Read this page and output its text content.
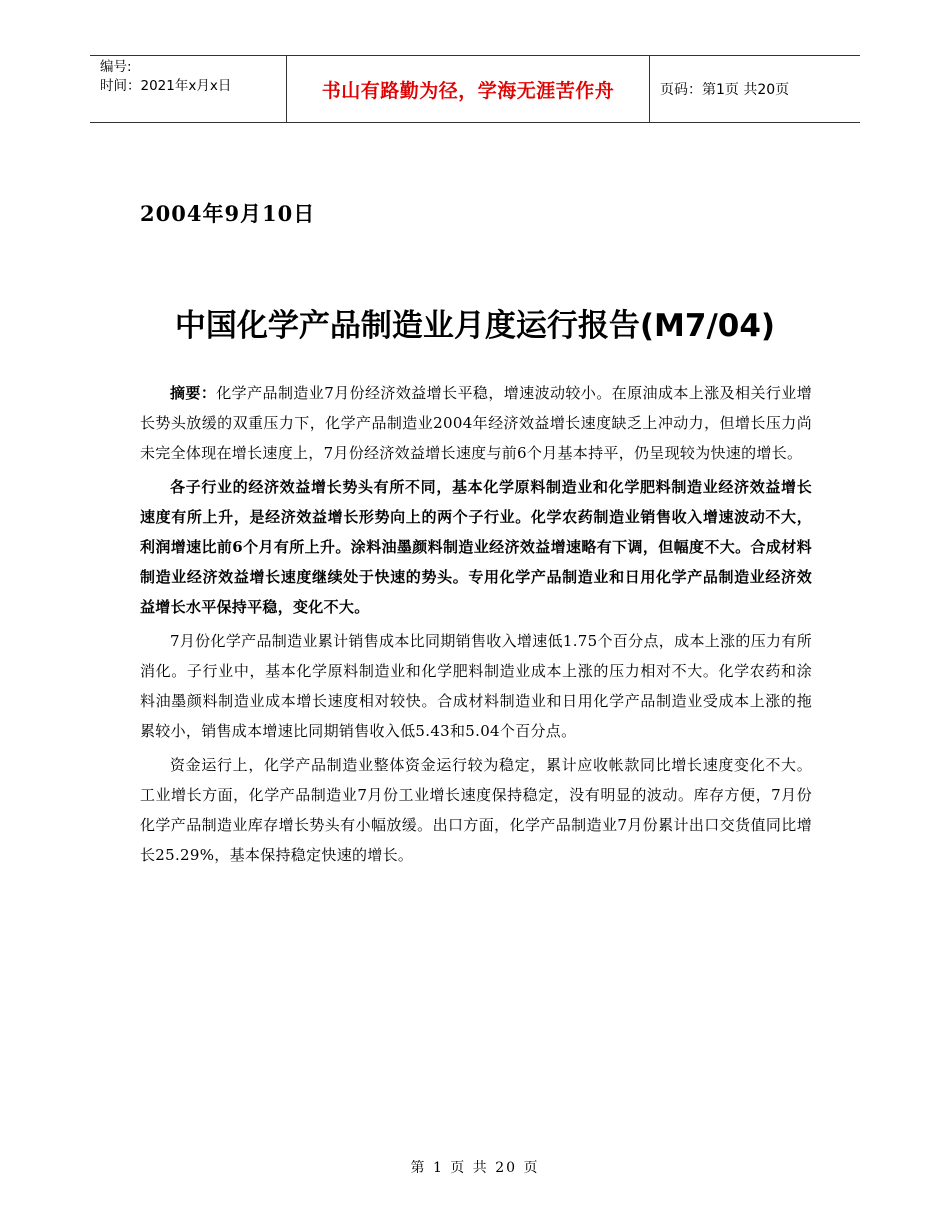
编号:
时间：2021年x月x日	书山有路勤为径，学海无涯苦作舟	页码：第1页 共20页
2004年9月10日
中国化学产品制造业月度运行报告(M7/04)

摘要：化学产品制造业7月份经济效益增长平稳，增速波动较小。在原油成本上涨及相关行业增长势头放缓的双重压力下，化学产品制造业2004年经济效益增长速度缺乏上冲动力，但增长压力尚未完全体现在增长速度上，7月份经济效益增长速度与前6个月基本持平，仍呈现较为快速的增长。

各子行业的经济效益增长势头有所不同，基本化学原料制造业和化学肥料制造业经济效益增长速度有所上升，是经济效益增长形势向上的两个子行业。化学农药制造业销售收入增速波动不大，利润增速比前6个月有所上升。涂料油墨颜料制造业经济效益增速略有下调，但幅度不大。合成材料制造业经济效益增长速度继续处于快速的势头。专用化学产品制造业和日用化学产品制造业经济效益增长水平保持平稳，变化不大。

7月份化学产品制造业累计销售成本比同期销售收入增速低1.75个百分点，成本上涨的压力有所消化。子行业中，基本化学原料制造业和化学肥料制造业成本上涨的压力相对不大。化学农药和涂料油墨颜料制造业成本增长速度相对较快。合成材料制造业和日用化学产品制造业受成本上涨的拖累较小，销售成本增速比同期销售收入低5.43和5.04个百分点。

资金运行上，化学产品制造业整体资金运行较为稳定，累计应收帐款同比增长速度变化不大。工业增长方面，化学产品制造业7月份工业增长速度保持稳定，没有明显的波动。库存方便，7月份化学产品制造业库存增长势头有小幅放缓。出口方面，化学产品制造业7月份累计出口交货值同比增长25.29%，基本保持稳定快速的增长。

第 1 页 共 20 页
